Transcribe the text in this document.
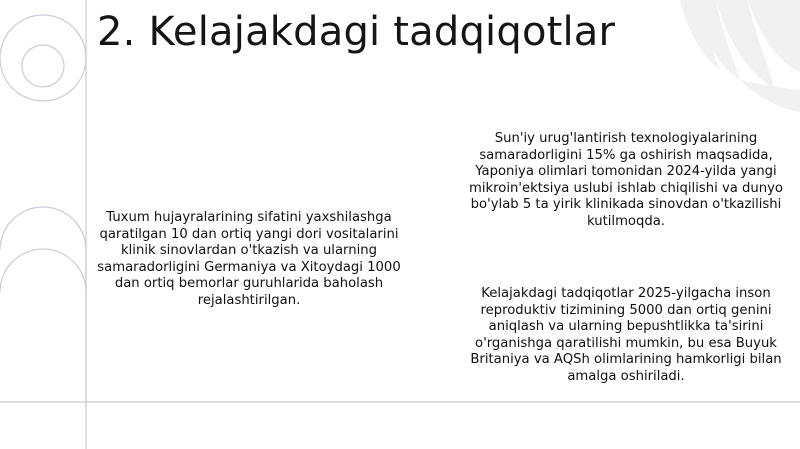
2. Kelajakdagi tadqiqotlar

Tuxum hujayralarining sifatini yaxshilashga qaratilgan 10 dan ortiq yangi dori vositalarini klinik sinovlardan o'tkazish va ularning samaradorligini Germaniya va Xitoydagi 1000 dan ortiq bemorlar guruhlarida baholash rejalashtirilgan.

Sun'iy urug'lantirish texnologiyalarining samaradorligini 15% ga oshirish maqsadida, Yaponiya olimlari tomonidan 2024-yilda yangi mikroin'ektsiya uslubi ishlab chiqilishi va dunyo bo'ylab 5 ta yirik klinikada sinovdan o'tkazilishi kutilmoqda.

Kelajakdagi tadqiqotlar 2025-yilgacha inson reproduktiv tizimining 5000 dan ortiq genini aniqlash va ularning bepushtlikka ta'sirini o'rganishga qaratilishi mumkin, bu esa Buyuk Britaniya va AQSh olimlarining hamkorligi bilan amalga oshiriladi.
